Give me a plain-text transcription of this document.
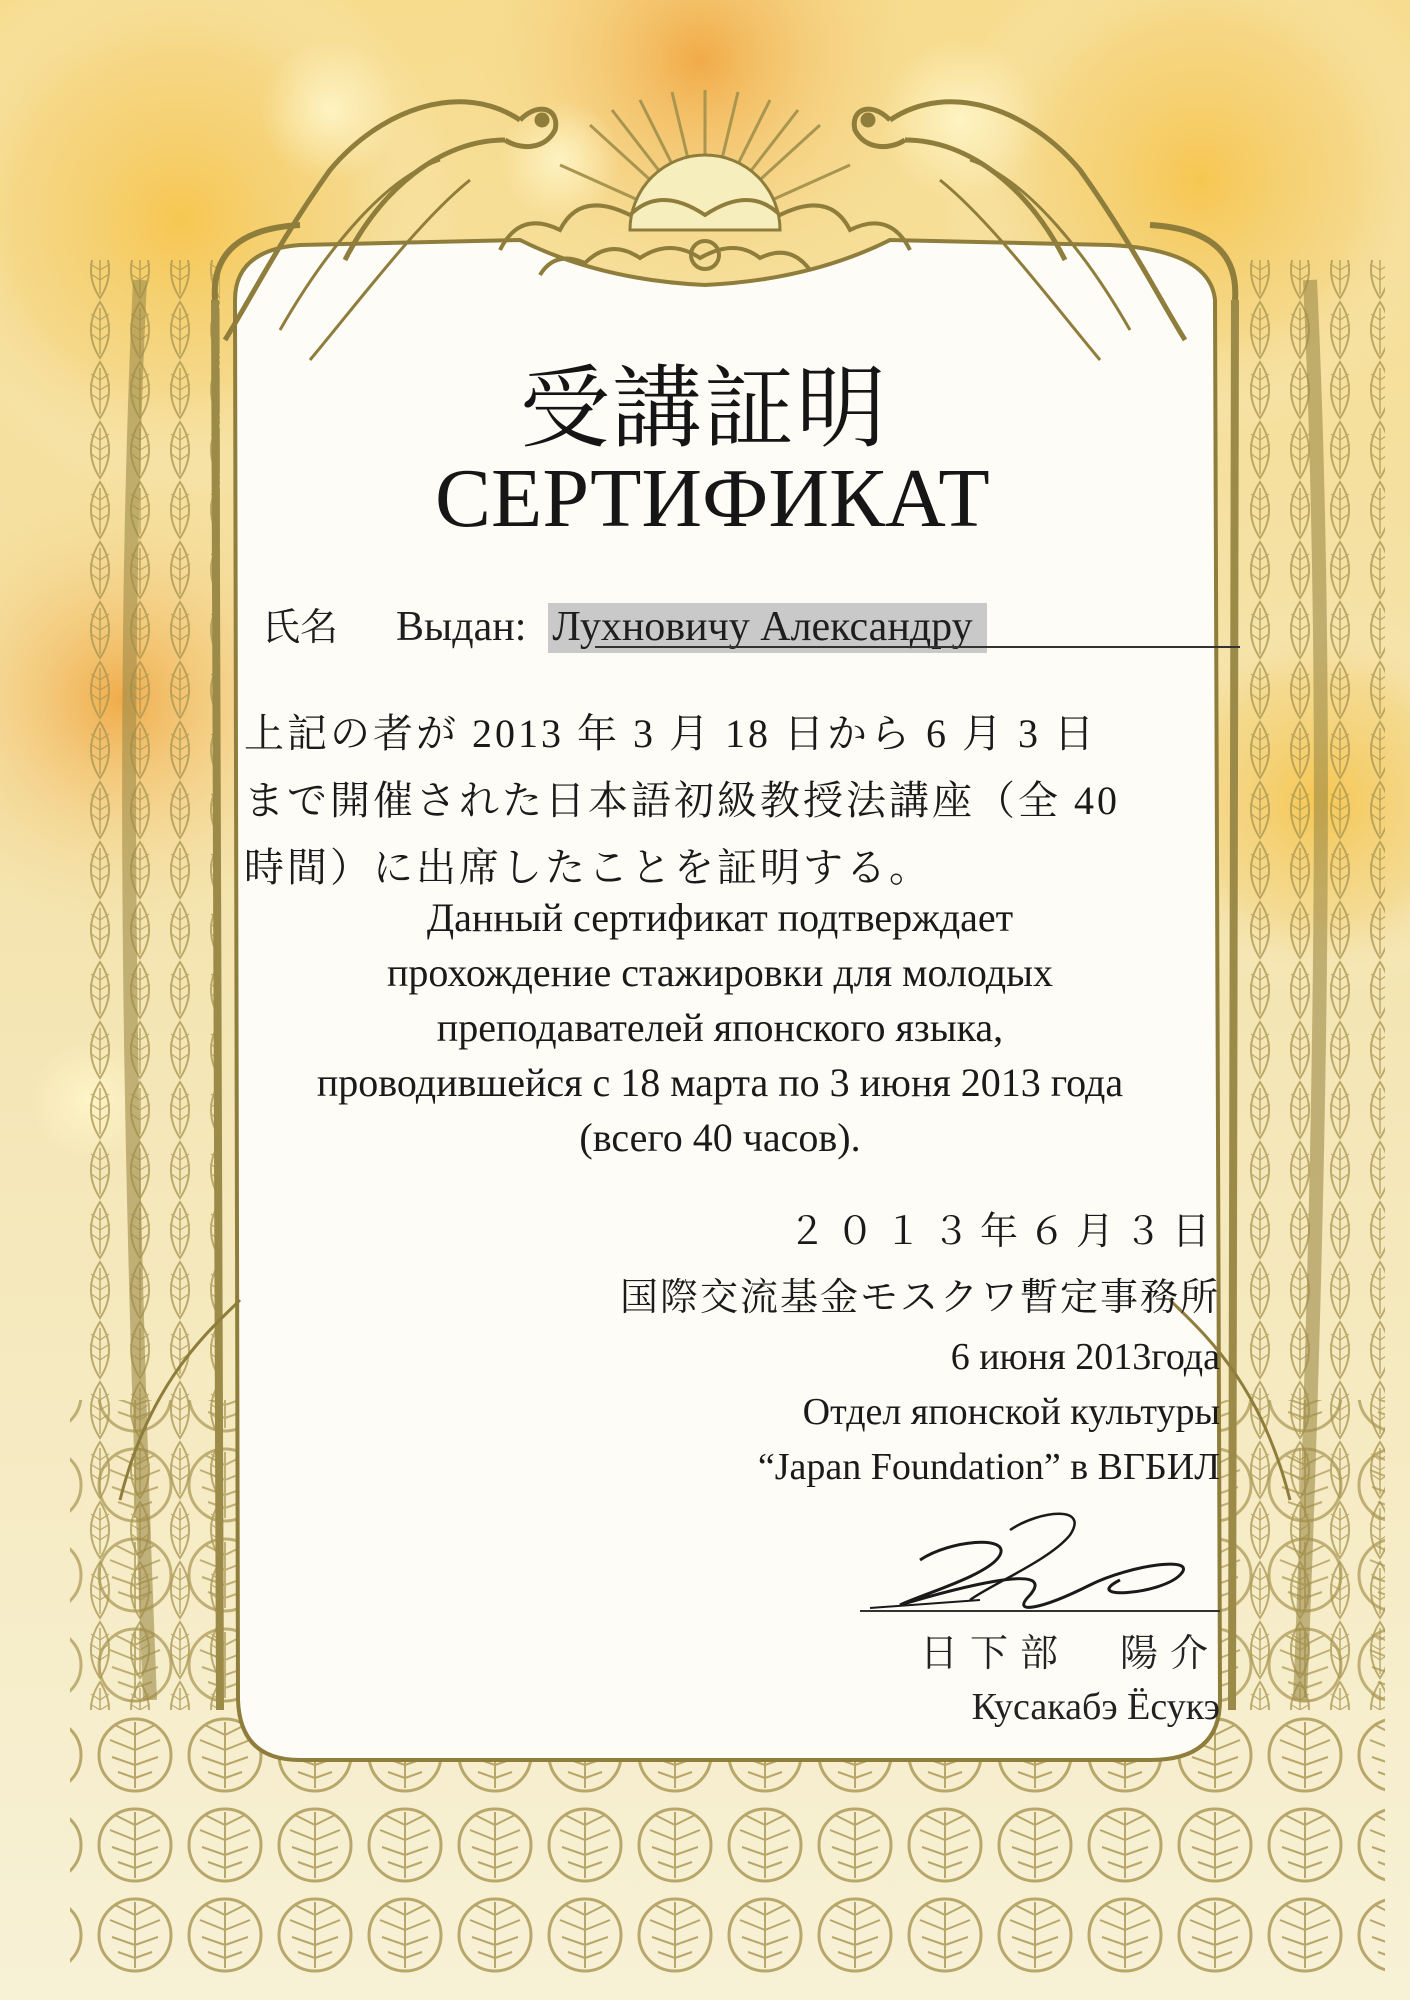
受講証明
СЕРТИФИКАТ
氏名 Выдан: Лухновичу Александру
上記の者が 2013 年 3 月 18 日から 6 月 3 日
まで開催された日本語初級教授法講座（全 40
時間）に出席したことを証明する。
Данный сертификат подтверждает
прохождение стажировки для молодых
преподавателей японского языка,
проводившейся с 18 марта по 3 июня 2013 года
(всего 40 часов).
２０１３年６月３日
国際交流基金モスクワ暫定事務所
6 июня 2013года
Отдел японской культуры
“Japan Foundation” в ВГБИЛ
日下部　陽介
Кусакабэ Ёсукэ
